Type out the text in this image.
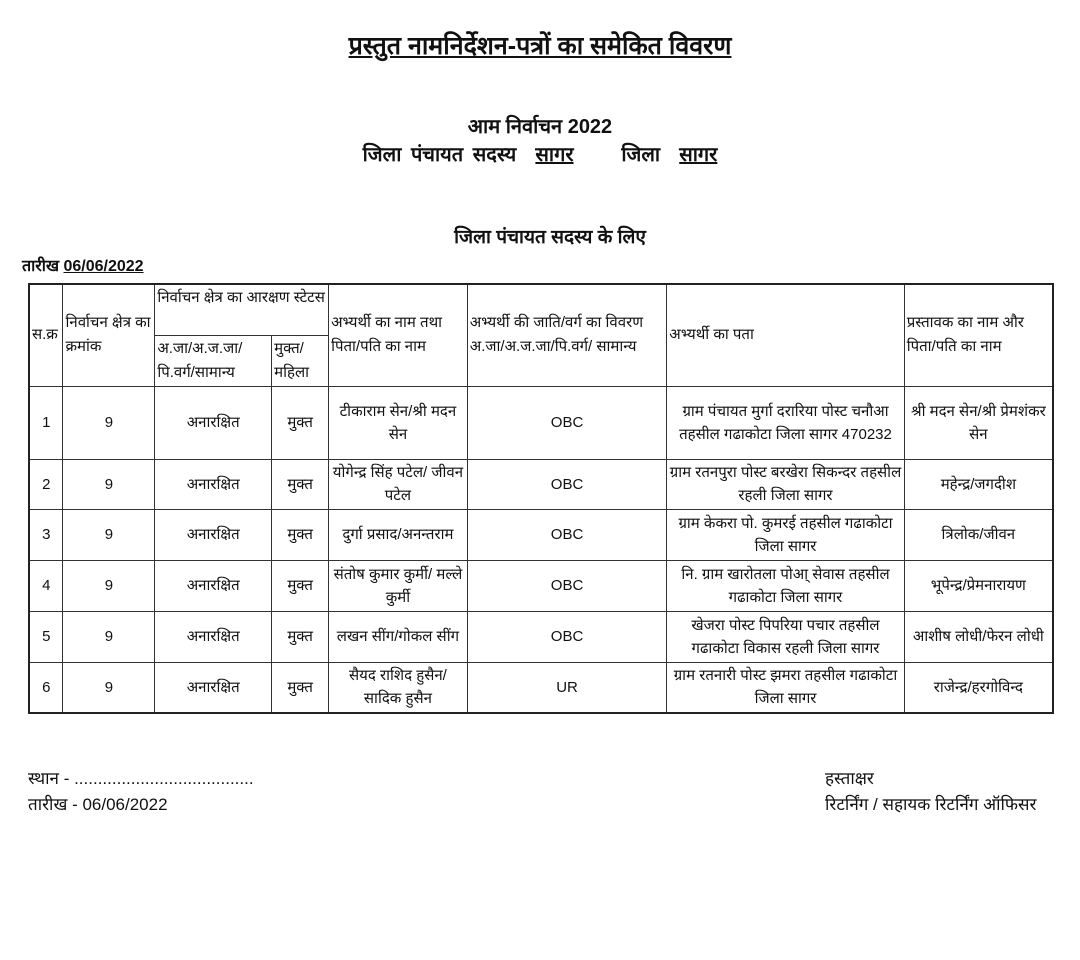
प्रस्तुत नामनिर्देशन-पत्रों का समेकित विवरण
आम निर्वाचन 2022
जिला पंचायत सदस्य सागर जिला सागर
जिला पंचायत सदस्य के लिए
तारीख 06/06/2022
स.क्र	निर्वाचन क्षेत्र का क्रमांक	निर्वाचन क्षेत्र का आरक्षण स्टेटस		अभ्यर्थी का नाम तथा पिता/पति का नाम	अभ्यर्थी की जाति/वर्ग का विवरण अ.जा/अ.ज.जा/पि.वर्ग/ सामान्य	अभ्यर्थी का पता	प्रस्तावक का नाम और पिता/पति का नाम
		अ.जा/अ.ज.जा/ पि.वर्ग/सामान्य	मुक्त/ महिला				
1	9	अनारक्षित	मुक्त	टीकाराम सेन/श्री मदन सेन	OBC	ग्राम पंचायत मुर्गा दरारिया पोस्ट चनौआ तहसील गढाकोटा जिला सागर 470232	श्री मदन सेन/श्री प्रेमशंकर सेन
2	9	अनारक्षित	मुक्त	योगेन्द्र सिंह पटेल/ जीवन पटेल	OBC	ग्राम रतनपुरा पोस्ट बरखेरा सिकन्दर तहसील रहली जिला सागर	महेन्द्र/जगदीश
3	9	अनारक्षित	मुक्त	दुर्गा प्रसाद/अनन्तराम	OBC	ग्राम केकरा पो. कुमरई तहसील गढाकोटा जिला सागर	त्रिलोक/जीवन
4	9	अनारक्षित	मुक्त	संतोष कुमार कुर्मी/ मल्ले कुर्मी	OBC	नि. ग्राम खारोतला पोआ् सेवास तहसील गढाकोटा जिला सागर	भूपेन्द्र/प्रेमनारायण
5	9	अनारक्षित	मुक्त	लखन सींग/गोकल सींग	OBC	खेजरा पोस्ट पिपरिया पचार तहसील गढाकोटा विकास रहली जिला सागर	आशीष लोधी/फेरन लोधी
6	9	अनारक्षित	मुक्त	सैयद राशिद हुसैन/ सादिक हुसैन	UR	ग्राम रतनारी पोस्ट झमरा तहसील गढाकोटा जिला सागर	राजेन्द्र/हरगोविन्द
स्थान - ......................................
तारीख - 06/06/2022
हस्ताक्षर
रिटर्निंग / सहायक रिटर्निंग ऑफिसर
